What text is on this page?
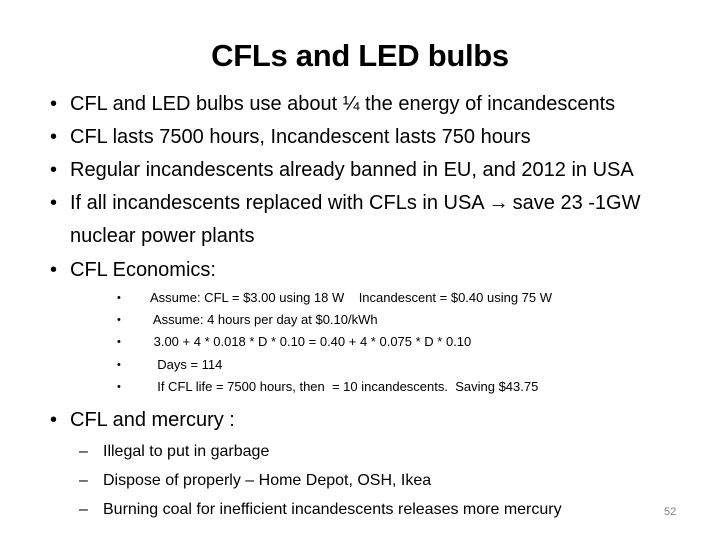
CFLs and LED bulbs
• CFL and LED bulbs use about ¼ the energy of incandescents
• CFL lasts 7500 hours, Incandescent lasts 750 hours
• Regular incandescents already banned in EU, and 2012 in USA
• If all incandescents replaced with CFLs in USA → save 23 -1GW
nuclear power plants
• CFL Economics:
• Assume: CFL = $3.00 using 18 W    Incandescent = $0.40 using 75 W
• Assume: 4 hours per day at $0.10/kWh
• 3.00 + 4 * 0.018 * D * 0.10 = 0.40 + 4 * 0.075 * D * 0.10
• Days = 114
• If CFL life = 7500 hours, then  = 10 incandescents.  Saving $43.75
• CFL and mercury :
– Illegal to put in garbage
– Dispose of properly – Home Depot, OSH, Ikea
– Burning coal for inefficient incandescents releases more mercury	52
